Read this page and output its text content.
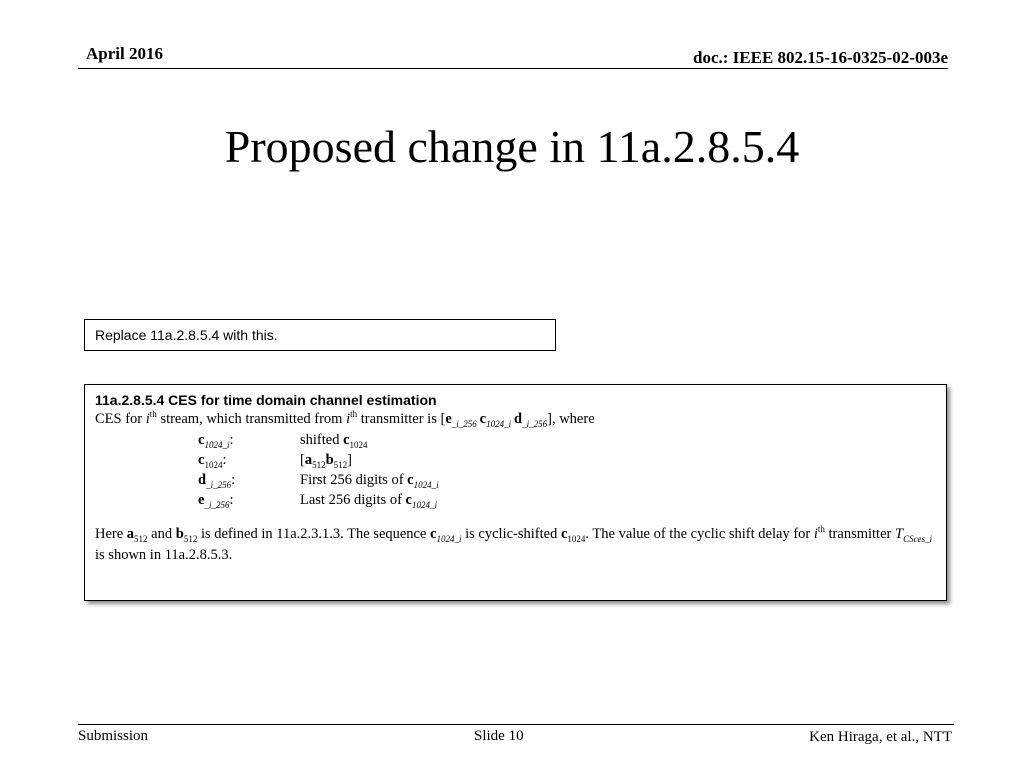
April 2016	doc.: IEEE 802.15-16-0325-02-003e
Proposed change in 11a.2.8.5.4
Replace 11a.2.8.5.4 with this.
11a.2.8.5.4 CES for time domain channel estimation
CES for $i^{th}$ stream, which transmitted from $i^{th}$ transmitter is [$e_{\_i\_256}$  $c_{1024\_i}$  $d_{\_i\_256}$], where
$c_{1024\_i}$:	shifted $c_{1024}$
$c_{1024}$:	$[a_{512}b_{512}]$
$d_{\_i\_256}$:	First 256 digits of $c_{1024\_i}$
$e_{\_i\_256}$:	Last 256 digits of $c_{1024\_i}$
Here $a_{512}$ and $b_{512}$ is defined in 11a.2.3.1.3. The sequence $c_{1024\_i}$ is cyclic-shifted $c_{1024}$. The value of the cyclic shift delay for $i^{th}$ transmitter $T_{CSces\_i}$ is shown in 11a.2.8.5.3.
Submission	Slide 10	Ken Hiraga, et al., NTT
